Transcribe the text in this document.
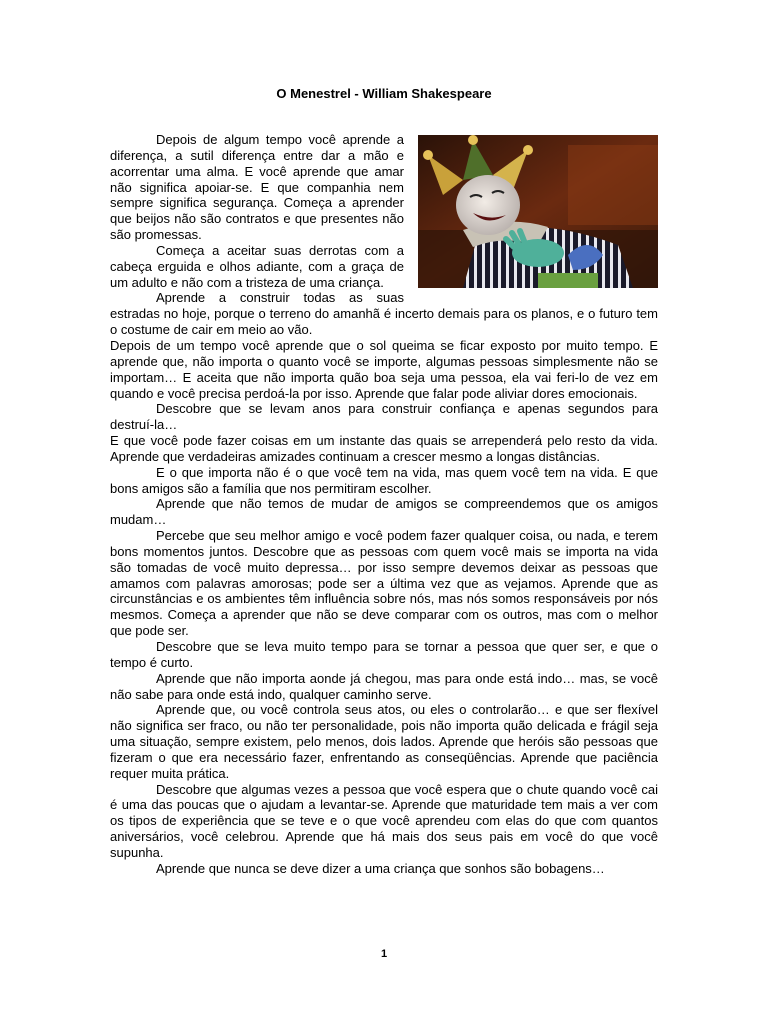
O Menestrel - William Shakespeare

Depois de algum tempo você aprende a diferença, a sutil diferença entre dar a mão e acorrentar uma alma. E você aprende que amar não significa apoiar-se. E que companhia nem sempre significa segurança. Começa a aprender que beijos não são contratos e que presentes não são promessas.

Começa a aceitar suas derrotas com a cabeça erguida e olhos adiante, com a graça de um adulto e não com a tristeza de uma criança.

Aprende a construir todas as suas estradas no hoje, porque o terreno do amanhã é incerto demais para os planos, e o futuro tem o costume de cair em meio ao vão.

Depois de um tempo você aprende que o sol queima se ficar exposto por muito tempo. E aprende que, não importa o quanto você se importe, algumas pessoas simplesmente não se importam… E aceita que não importa quão boa seja uma pessoa, ela vai feri-lo de vez em quando e você precisa perdoá-la por isso. Aprende que falar pode aliviar dores emocionais.

Descobre que se levam anos para construir confiança e apenas segundos para destruí-la…

E que você pode fazer coisas em um instante das quais se arrependerá pelo resto da vida. Aprende que verdadeiras amizades continuam a crescer mesmo a longas distâncias.

E o que importa não é o que você tem na vida, mas quem você tem na vida. E que bons amigos são a família que nos permitiram escolher.

Aprende que não temos de mudar de amigos se compreendemos que os amigos mudam…

Percebe que seu melhor amigo e você podem fazer qualquer coisa, ou nada, e terem bons momentos juntos. Descobre que as pessoas com quem você mais se importa na vida são tomadas de você muito depressa… por isso sempre devemos deixar as pessoas que amamos com palavras amorosas; pode ser a última vez que as vejamos. Aprende que as circunstâncias e os ambientes têm influência sobre nós, mas nós somos responsáveis por nós mesmos. Começa a aprender que não se deve comparar com os outros, mas com o melhor que pode ser.

Descobre que se leva muito tempo para se tornar a pessoa que quer ser, e que o tempo é curto.

Aprende que não importa aonde já chegou, mas para onde está indo… mas, se você não sabe para onde está indo, qualquer caminho serve.

Aprende que, ou você controla seus atos, ou eles o controlarão… e que ser flexível não significa ser fraco, ou não ter personalidade, pois não importa quão delicada e frágil seja uma situação, sempre existem, pelo menos, dois lados. Aprende que heróis são pessoas que fizeram o que era necessário fazer, enfrentando as conseqüências. Aprende que paciência requer muita prática.

Descobre que algumas vezes a pessoa que você espera que o chute quando você cai é uma das poucas que o ajudam a levantar-se. Aprende que maturidade tem mais a ver com os tipos de experiência que se teve e o que você aprendeu com elas do que com quantos aniversários, você celebrou. Aprende que há mais dos seus pais em você do que você supunha.

Aprende que nunca se deve dizer a uma criança que sonhos são bobagens…

1
